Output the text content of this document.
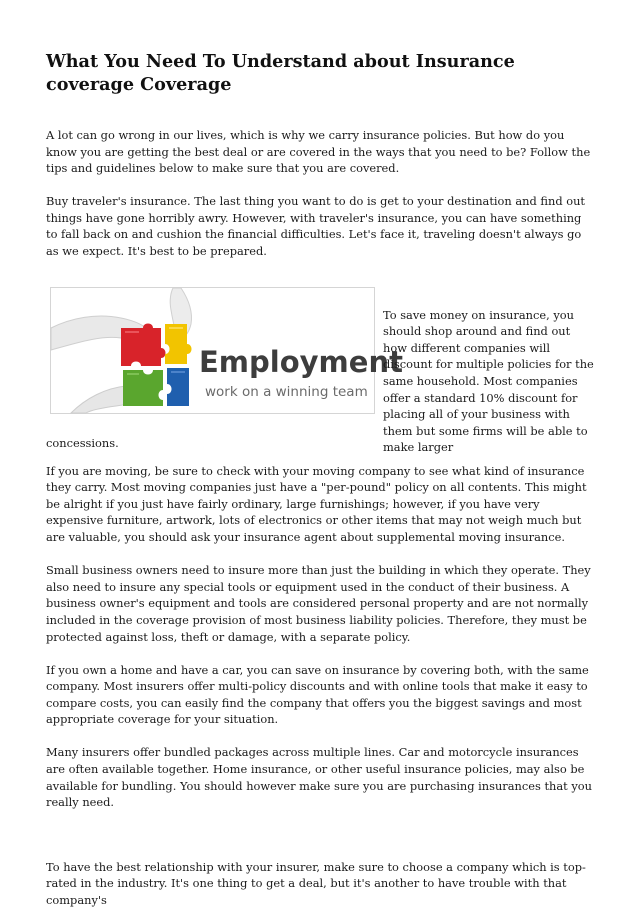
What You Need To Understand about Insurance coverage Coverage

A lot can go wrong in our lives, which is why we carry insurance policies. But how do you know you are getting the best deal or are covered in the ways that you need to be? Follow the tips and guidelines below to make sure that you are covered.

Buy traveler's insurance. The last thing you want to do is get to your destination and find out things have gone horribly awry. However, with traveler's insurance, you can have something to fall back on and cushion the financial difficulties. Let's face it, traveling doesn't always go as we expect. It's best to be prepared.

Employment
work on a winning team
To save money on insurance, you should shop around and find out how different companies will discount for multiple policies for the same household. Most companies offer a standard 10% discount for placing all of your business with them but some firms will be able to make larger
concessions.

If you are moving, be sure to check with your moving company to see what kind of insurance they carry. Most moving companies just have a "per-pound" policy on all contents. This might be alright if you just have fairly ordinary, large furnishings; however, if you have very expensive furniture, artwork, lots of electronics or other items that may not weigh much but are valuable, you should ask your insurance agent about supplemental moving insurance.

Small business owners need to insure more than just the building in which they operate. They also need to insure any special tools or equipment used in the conduct of their business. A business owner's equipment and tools are considered personal property and are not normally included in the coverage provision of most business liability policies. Therefore, they must be protected against loss, theft or damage, with a separate policy.

If you own a home and have a car, you can save on insurance by covering both, with the same company. Most insurers offer multi-policy discounts and with online tools that make it easy to compare costs, you can easily find the company that offers you the biggest savings and most appropriate coverage for your situation.

Many insurers offer bundled packages across multiple lines. Car and motorcycle insurances are often available together. Home insurance, or other useful insurance policies, may also be available for bundling. You should however make sure you are purchasing insurances that you really need.

To have the best relationship with your insurer, make sure to choose a company which is top-rated in the industry. It's one thing to get a deal, but it's another to have trouble with that company's
